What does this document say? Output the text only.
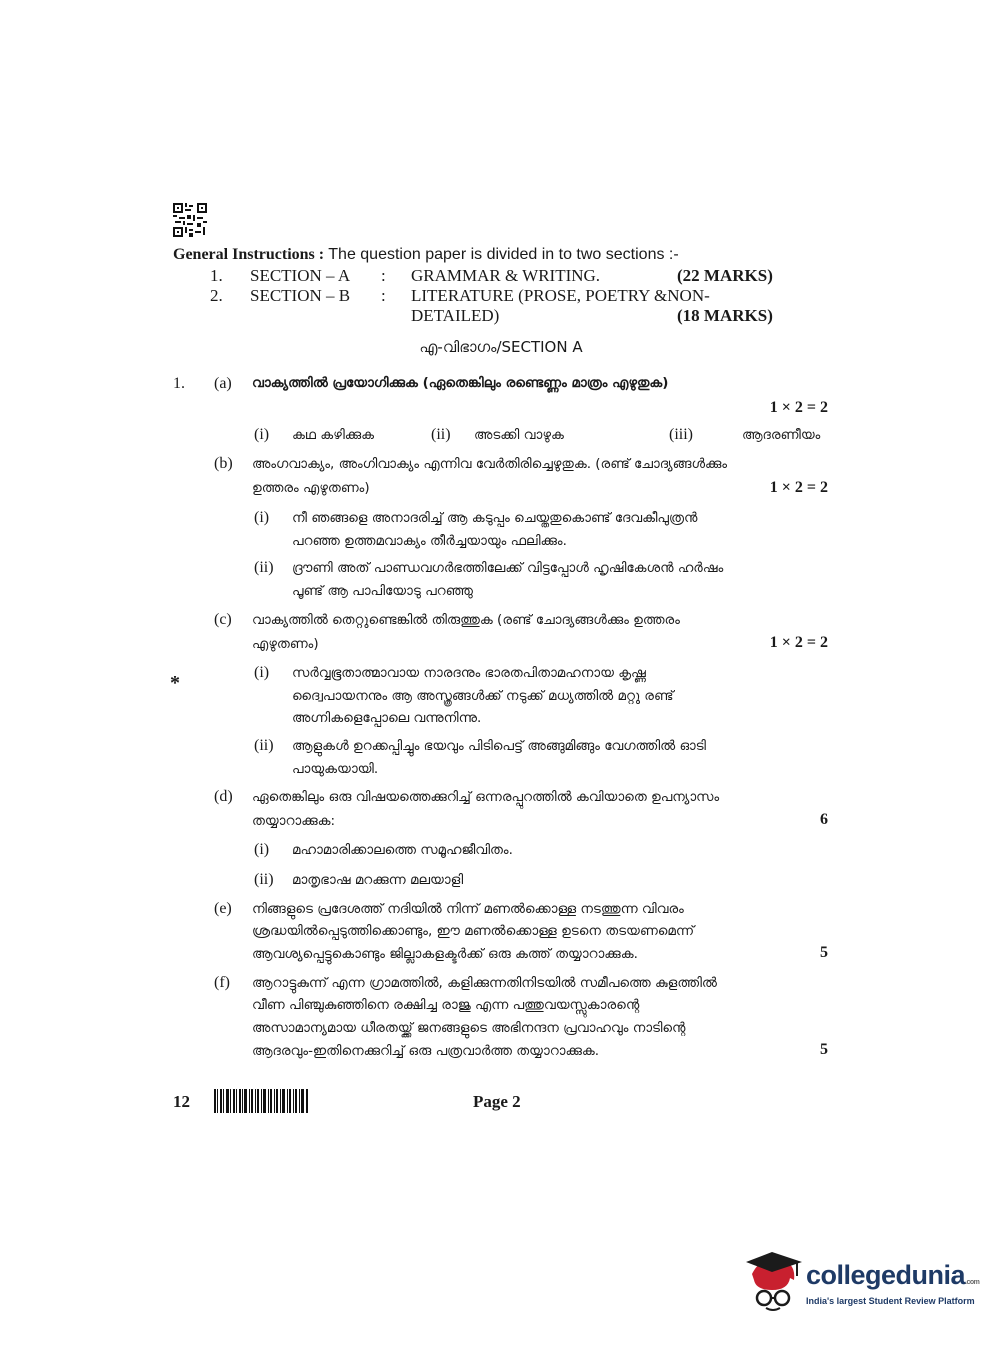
General Instructions : The question paper is divided in to two sections :-
1. SECTION – A : GRAMMAR & WRITING.	(22 MARKS)
2. SECTION – B : LITERATURE (PROSE, POETRY &NON-
DETAILED)	(18 MARKS)
എ-വിഭാഗം/SECTION A
1. (a) വാക്യത്തിൽ പ്രയോഗിക്കുക (ഏതെങ്കിലും രണ്ടെണ്ണം മാത്രം എഴുതുക)
1 × 2 = 2
(i) കഥ കഴിക്കുക	(ii) അടക്കി വാഴുക	(iii)	ആദരണീയം
(b) അംഗവാക്യം, അംഗിവാക്യം എന്നിവ വേർതിരിച്ചെഴുതുക. (രണ്ട് ചോദ്യങ്ങൾക്കും
ഉത്തരം എഴുതണം)	1 × 2 = 2
(i) നീ ഞങ്ങളെ അനാദരിച്ച് ആ കടുപ്പം ചെയ്തതുകൊണ്ട് ദേവകീപുത്രൻ
പറഞ്ഞ ഉത്തമവാക്യം തീർച്ചയായും ഫലിക്കും.
(ii) ദ്രൗണി അത് പാണ്ഡവഗർഭത്തിലേക്ക് വിട്ടപ്പോൾ ഹൃഷികേശൻ ഹർഷം
പൂണ്ട് ആ പാപിയോടു പറഞ്ഞു
(c) വാക്യത്തിൽ തെറ്റുണ്ടെങ്കിൽ തിരുത്തുക (രണ്ട് ചോദ്യങ്ങൾക്കും ഉത്തരം
എഴുതണം)	1 × 2 = 2
*	(i) സർവ്വഭൂതാത്മാവായ നാരദനും ഭാരതപിതാമഹനായ കൃഷ്ണ
ദ്വൈപായനനും ആ അസ്ത്രങ്ങൾക്ക് നടുക്ക് മധ്യത്തിൽ മറ്റു രണ്ട്
അഗ്നികളെപ്പോലെ വന്നുനിന്നു.
(ii) ആളുകൾ ഉറക്കപ്പിച്ചും ഭയവും പിടിപെട്ട് അങ്ങുമിങ്ങും വേഗത്തിൽ ഓടി
പായുകയായി.
(d) ഏതെങ്കിലും ഒരു വിഷയത്തെക്കുറിച്ച് ഒന്നരപ്പുറത്തിൽ കവിയാതെ ഉപന്യാസം
തയ്യാറാക്കുക:	6
(i) മഹാമാരിക്കാലത്തെ സമൂഹജീവിതം.
(ii) മാതൃഭാഷ മറക്കുന്ന മലയാളി
(e) നിങ്ങളുടെ പ്രദേശത്ത് നദിയിൽ നിന്ന് മണൽക്കൊള്ള നടത്തുന്ന വിവരം
ശ്രദ്ധയിൽപ്പെടുത്തിക്കൊണ്ടും, ഈ മണൽക്കൊള്ള ഉടനെ തടയണമെന്ന്
ആവശ്യപ്പെട്ടുകൊണ്ടും ജില്ലാകളക്ടർക്ക് ഒരു കത്ത് തയ്യാറാക്കുക.	5
(f) ആറാട്ടുകുന്ന് എന്ന ഗ്രാമത്തിൽ, കളിക്കുന്നതിനിടയിൽ സമീപത്തെ കുളത്തിൽ
വീണ പിഞ്ചുകുഞ്ഞിനെ രക്ഷിച്ച രാജു എന്ന പത്തുവയസ്സുകാരന്റെ
അസാമാന്യമായ ധീരതയ്ക്ക് ജനങ്ങളുടെ അഭിനന്ദന പ്രവാഹവും നാടിന്റെ
ആദരവും-ഇതിനെക്കുറിച്ച് ഒരു പത്രവാർത്ത തയ്യാറാക്കുക.	5
12	Page 2
collegedunia.com
India's largest Student Review Platform
